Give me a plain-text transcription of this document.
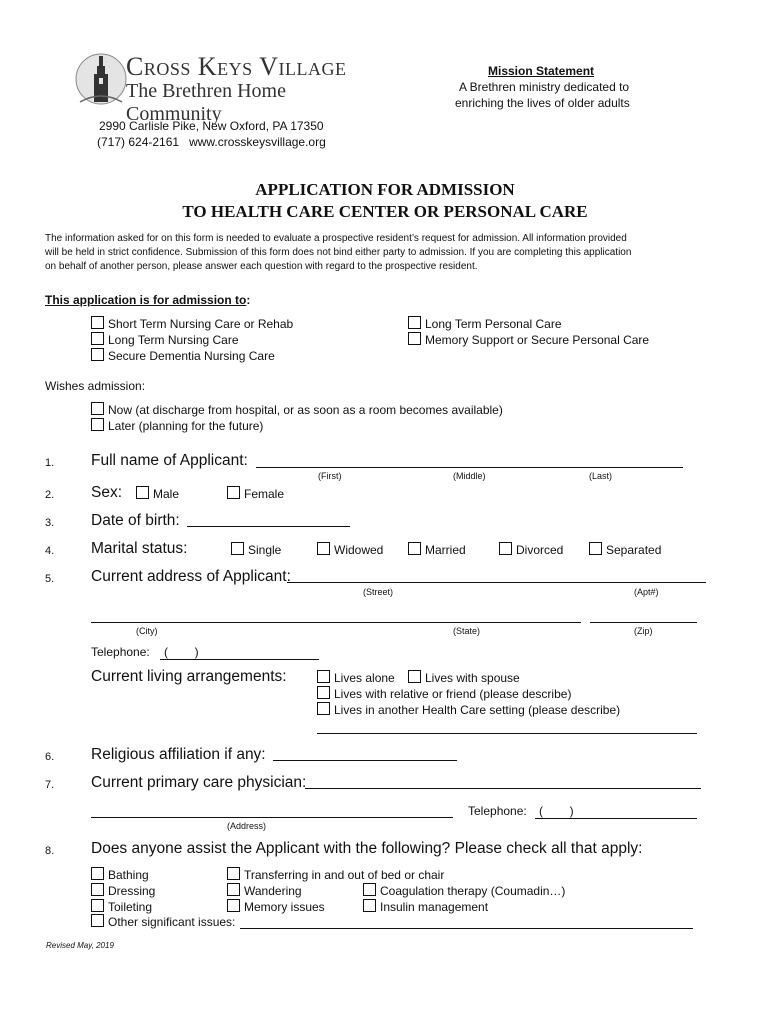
Cross Keys Village
The Brethren Home Community
Mission Statement
A Brethren ministry dedicated to
enriching the lives of older adults
2990 Carlisle Pike, New Oxford, PA 17350
(717) 624-2161   www.crosskeysvillage.org
APPLICATION FOR ADMISSION
TO HEALTH CARE CENTER OR PERSONAL CARE
The information asked for on this form is needed to evaluate a prospective resident’s request for admission. All information provided
will be held in strict confidence. Submission of this form does not bind either party to admission. If you are completing this application
on behalf of another person, please answer each question with regard to the prospective resident.
This application is for admission to:
Short Term Nursing Care or Rehab
Long Term Nursing Care
Secure Dementia Nursing Care
Long Term Personal Care
Memory Support or Secure Personal Care
Wishes admission:
Now (at discharge from hospital, or as soon as a room becomes available)
Later (planning for the future)
1. Full name of Applicant:
(First)	(Middle)	(Last)
2. Sex:	Male	Female
3. Date of birth:
4. Marital status:	Single	Widowed	Married	Divorced	Separated
5. Current address of Applicant:
(Street)	(Apt#)
(City)	(State)	(Zip)
Telephone: (        )
Current living arrangements:	Lives alone	Lives with spouse
Lives with relative or friend (please describe)
Lives in another Health Care setting (please describe)
6. Religious affiliation if any:
7. Current primary care physician:
Telephone: (        )
(Address)
8. Does anyone assist the Applicant with the following? Please check all that apply:
Bathing
Dressing
Toileting
Transferring in and out of bed or chair
Wandering
Memory issues
Coagulation therapy (Coumadin…)
Insulin management
Other significant issues:
Revised May, 2019
